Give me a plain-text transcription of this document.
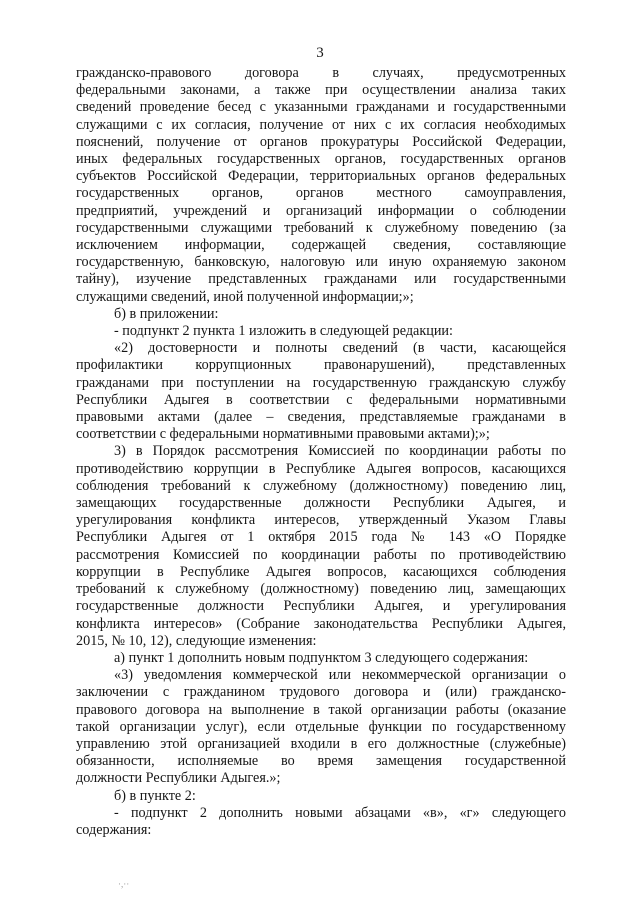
3
гражданско-правового договора в случаях, предусмотренных
федеральными законами, а также при осуществлении анализа таких
сведений проведение бесед с указанными гражданами и государственными
служащими с их согласия, получение от них с их согласия необходимых
пояснений, получение от органов прокуратуры Российской Федерации,
иных федеральных государственных органов, государственных органов
субъектов Российской Федерации, территориальных органов федеральных
государственных органов, органов местного самоуправления,
предприятий, учреждений и организаций информации о соблюдении
государственными служащими требований к служебному поведению (за
исключением информации, содержащей сведения, составляющие
государственную, банковскую, налоговую или иную охраняемую законом
тайну), изучение представленных гражданами или государственными
служащими сведений, иной полученной информации;»;
б) в приложении:
- подпункт 2 пункта 1 изложить в следующей редакции:
«2) достоверности и полноты сведений (в части, касающейся
профилактики коррупционных правонарушений), представленных
гражданами при поступлении на государственную гражданскую службу
Республики Адыгея в соответствии с федеральными нормативными
правовыми актами (далее – сведения, представляемые гражданами в
соответствии с федеральными нормативными правовыми актами);»;
3) в Порядок рассмотрения Комиссией по координации работы по
противодействию коррупции в Республике Адыгея вопросов, касающихся
соблюдения требований к служебному (должностному) поведению лиц,
замещающих государственные должности Республики Адыгея, и
урегулирования конфликта интересов, утвержденный Указом Главы
Республики Адыгея от 1 октября 2015 года № 143 «О Порядке
рассмотрения Комиссией по координации работы по противодействию
коррупции в Республике Адыгея вопросов, касающихся соблюдения
требований к служебному (должностному) поведению лиц, замещающих
государственные должности Республики Адыгея, и урегулирования
конфликта интересов» (Собрание законодательства Республики Адыгея,
2015, № 10, 12), следующие изменения:
а) пункт 1 дополнить новым подпунктом 3 следующего содержания:
«3) уведомления коммерческой или некоммерческой организации о
заключении с гражданином трудового договора и (или) гражданско-
правового договора на выполнение в такой организации работы (оказание
такой организации услуг), если отдельные функции по государственному
управлению этой организацией входили в его должностные (служебные)
обязанности, исполняемые во время замещения государственной
должности Республики Адыгея.»;
б) в пункте 2:
- подпункт 2 дополнить новыми абзацами «в», «г» следующего
содержания:
·,··
